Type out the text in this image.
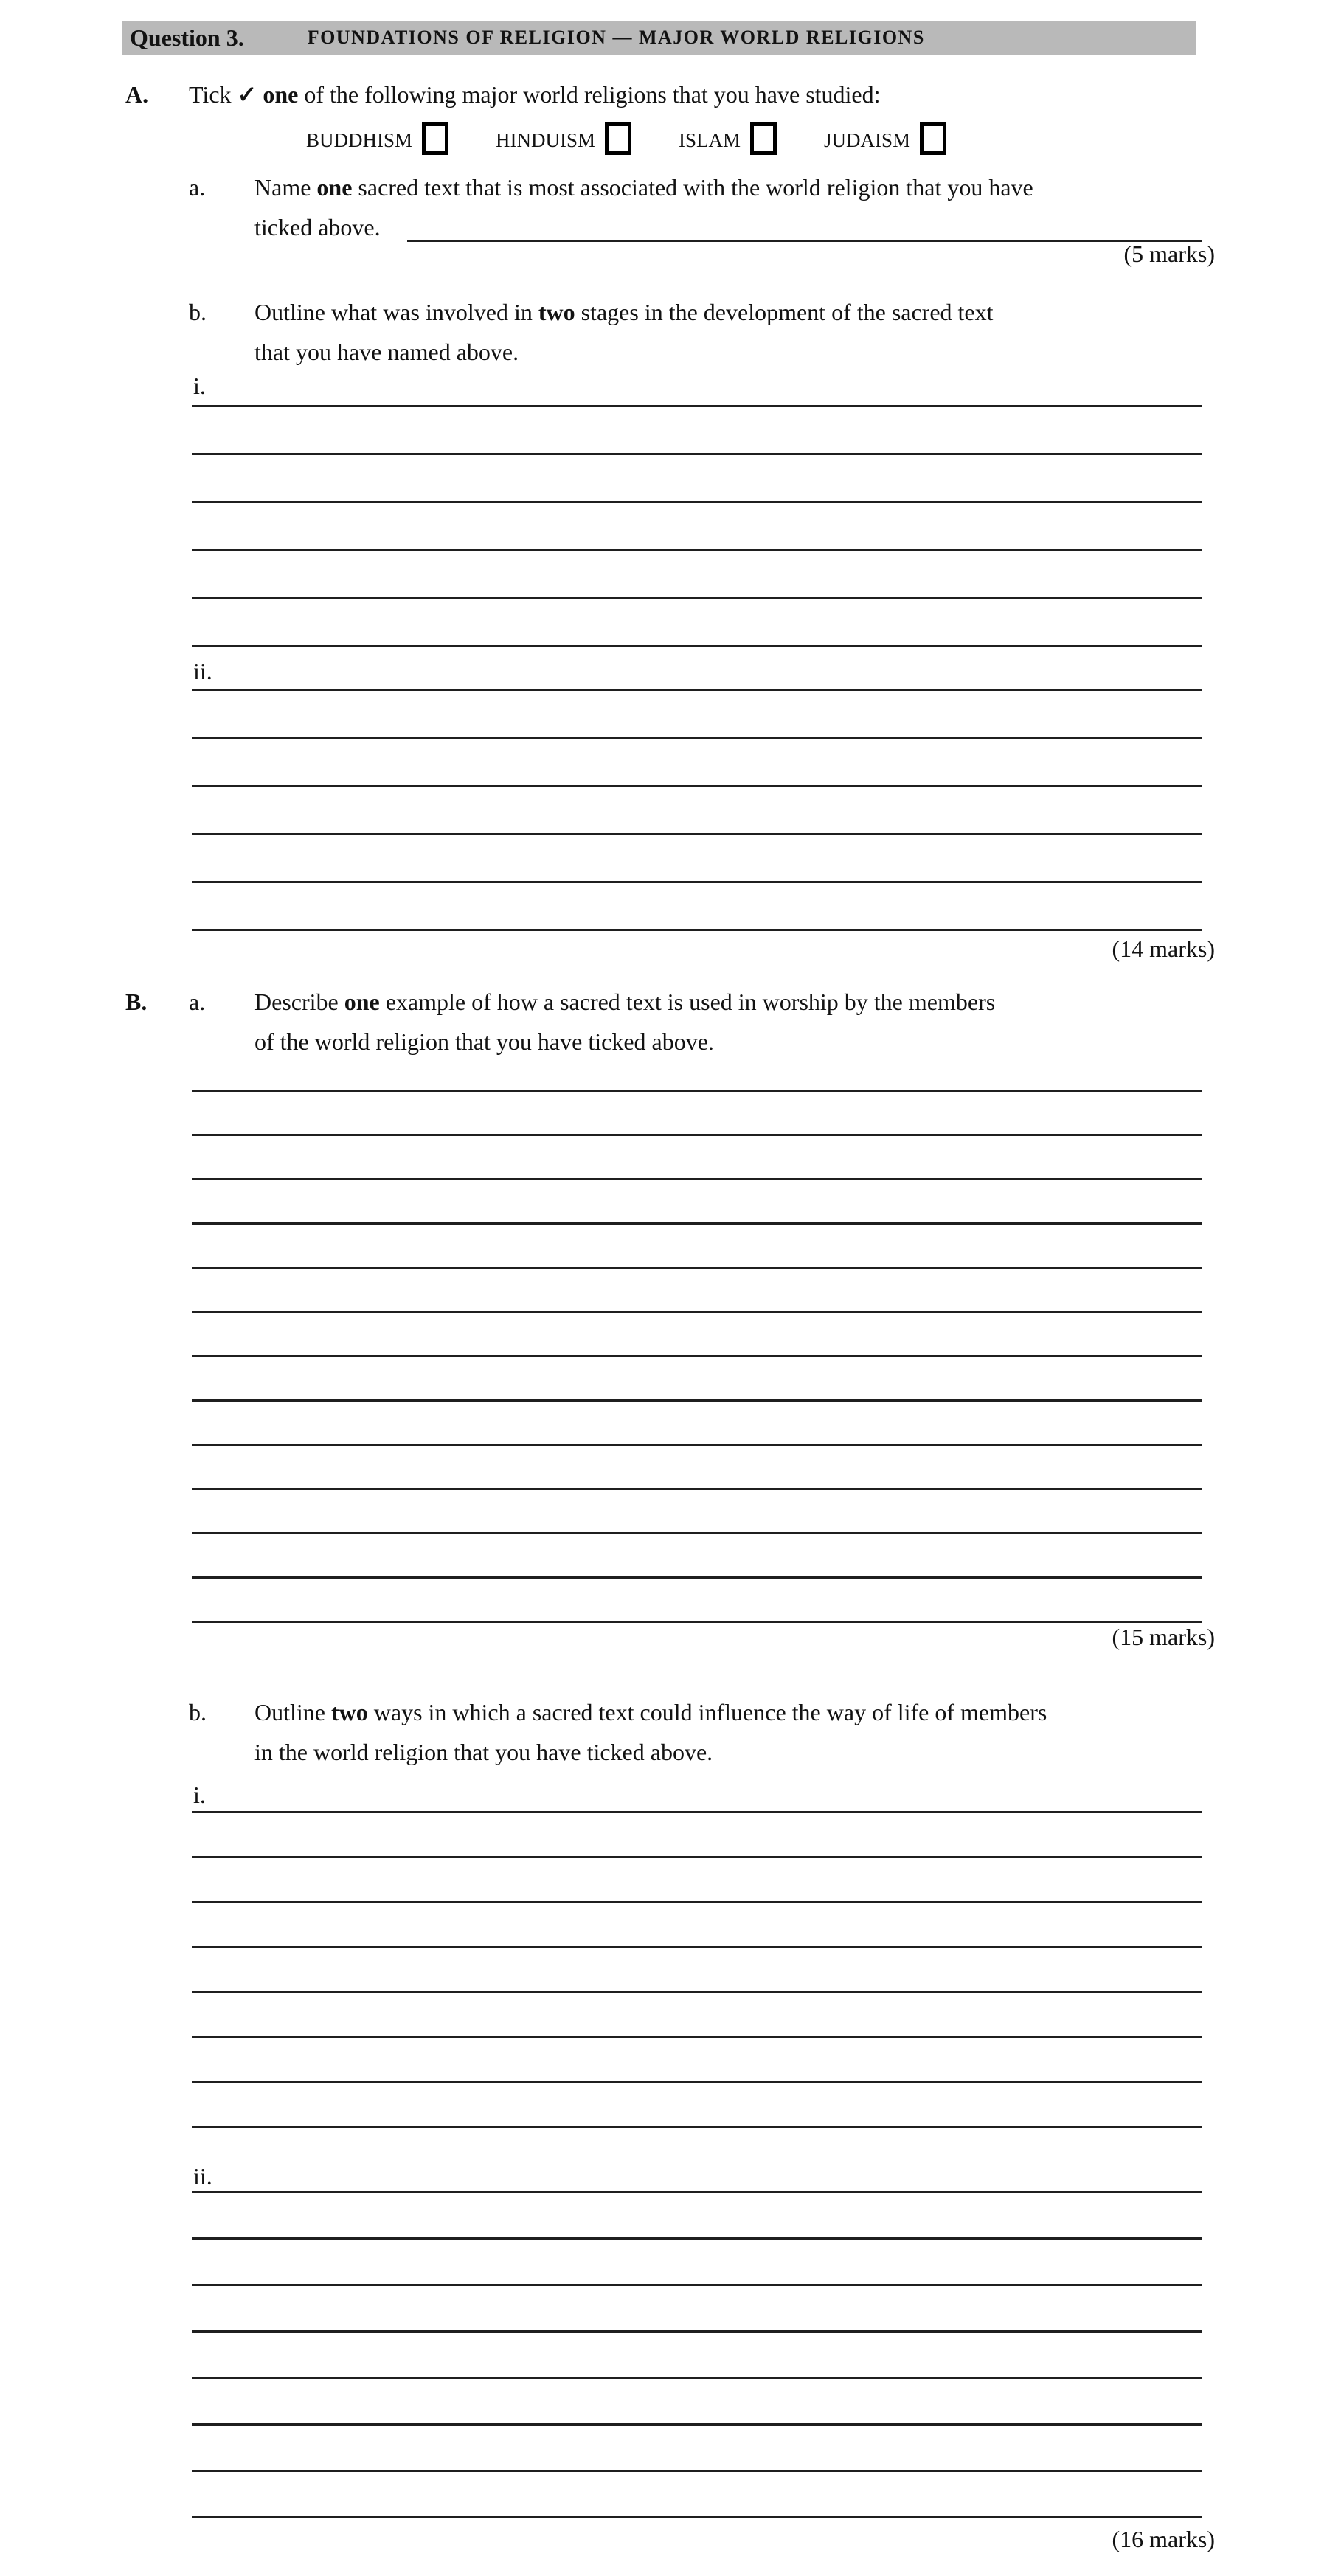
Question 3.	FOUNDATIONS OF RELIGION — MAJOR WORLD RELIGIONS
A.	Tick ✓ one of the following major world religions that you have studied:
BUDDHISM	HINDUISM	ISLAM	JUDAISM
a.	Name one sacred text that is most associated with the world religion that you have
ticked above.
(5 marks)
b.	Outline what was involved in two stages in the development of the sacred text
that you have named above.
i.
ii.
(14 marks)
B.	a.	Describe one example of how a sacred text is used in worship by the members
of the world religion that you have ticked above.
(15 marks)
b.	Outline two ways in which a sacred text could influence the way of life of members
in the world religion that you have ticked above.
i.
ii.
(16 marks)
